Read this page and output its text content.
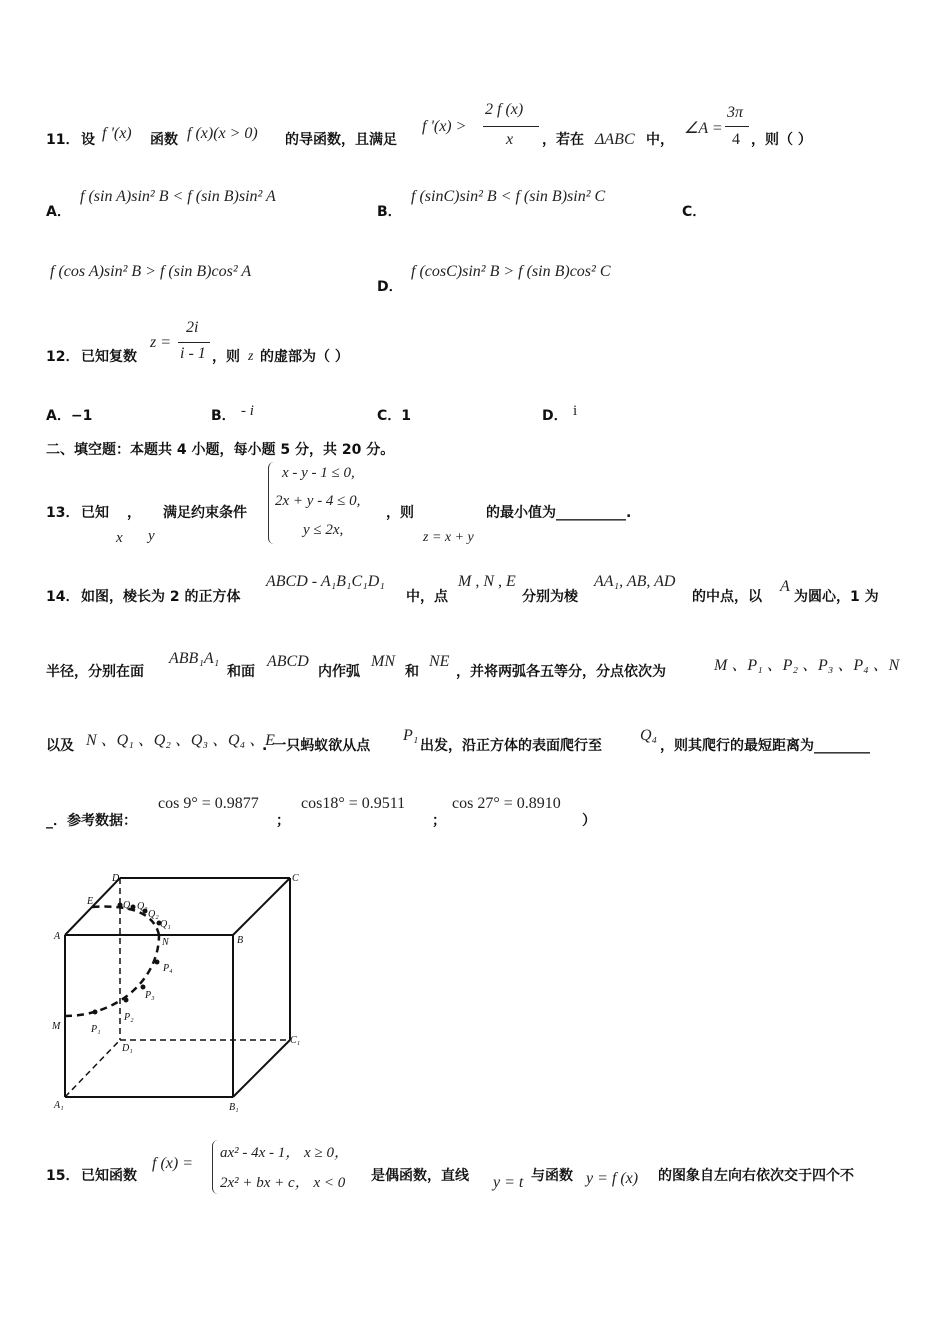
11． 设 f '(x) 函数 f (x)(x > 0) 的导函数，且满足
f '(x) >
2 f (x)
x ，若在 ΔABC 中，
∠A =
3π
4 ，则（ ）
A．
f (sin A)sin² B < f (sin B)sin² A
B．
f (sinC)sin² B < f (sin B)sin² C
C．
f (cos A)sin² B > f (sin B)cos² A
D．
f (cosC)sin² B > f (sin B)cos² C
12． 已知复数
z =
2i
i - 1 ，则 z 的虚部为（ ）
A．−1	B． - i	C．1	D． i
二、填空题：本题共 4 小题，每小题 5 分，共 20 分。
13． 已知
x
，
y
满足约束条件
x - y - 1 ≤ 0,
2x + y - 4 ≤ 0,
y ≤ 2x,
，则
z = x + y
的最小值为__________.
14． 如图，棱长为 2 的正方体
ABCD - A₁B₁C₁D₁
中，点
M , N , E
分别为棱
AA₁, AB, AD
的中点，以
A
为圆心，1 为
半径，分别在面
ABB₁A₁
和面
ABCD
内作弧
MN
和
NE
，并将两弧各五等分，分点依次为	M 、P₁ 、P₂ 、P₃ 、P₄ 、N
以及 N 、Q₁ 、Q₂ 、Q₃ 、Q₄ 、E
. 一只蚂蚁欲从点
P₁
出发，沿正方体的表面爬行至
Q₄
，则其爬行的最短距离为________
_．参考数据：
cos 9° = 0.9877
；
cos18° = 0.9511
；
cos 27° = 0.8910
）
D	C
E
A	B
N
M
Q₄ Q₃
Q₂
Q₁
P₄
P₃
P₂
P₁
D₁
C₁
A₁	B₁
15． 已知函数
f (x) =
ax² - 4x - 1， x ≥ 0，
2x² + bx + c， x < 0 是偶函数，直线 y = t 与函数 y = f (x) 的图象自左向右依次交于四个不
